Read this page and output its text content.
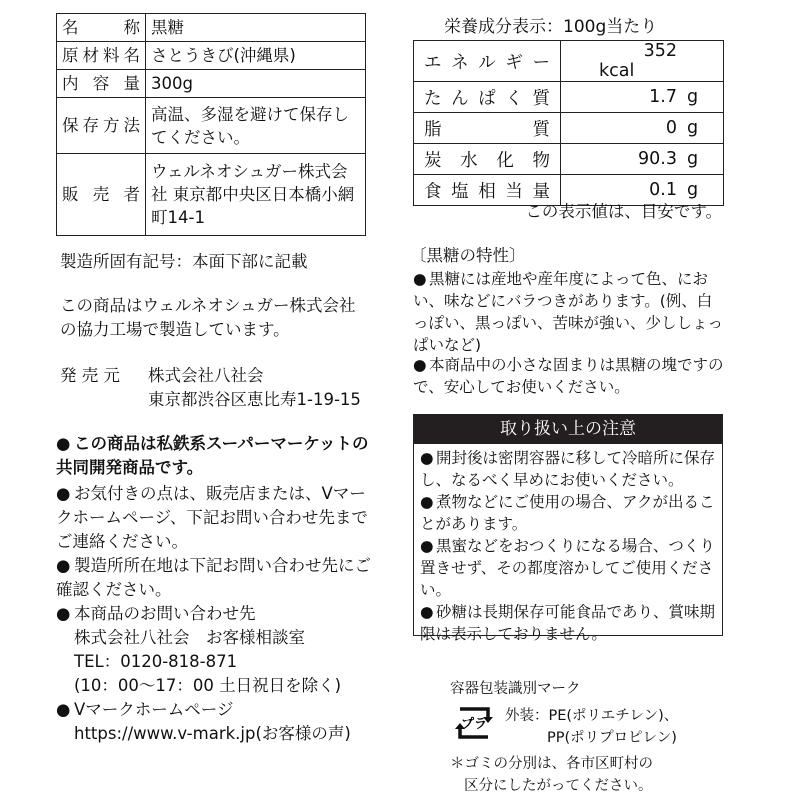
名　称	黒糖
原材料名	さとうきび(沖縄県)
内容量	300g
保存方法	高温、多湿を避けて保存してください。
販売者	ウェルネオシュガー株式会社 東京都中央区日本橋小網町14-1
製造所固有記号：本面下部に記載
この商品はウェルネオシュガー株式会社の協力工場で製造しています。
発 売 元 株式会社八社会
東京都渋谷区恵比寿1-19-15
● この商品は私鉄系スーパーマーケットの共同開発商品です。
● お気付きの点は、販売店または、Vマークホームページ、下記お問い合わせ先までご連絡ください。
● 製造所所在地は下記お問い合わせ先にご確認ください。
● 本商品のお問い合わせ先
株式会社八社会　お客様相談室
TEL：0120-818-871
(10：00～17：00 土日祝日を除く)
● Vマークホームページ
https://www.v-mark.jp(お客様の声)
栄養成分表示：100g当たり
エネルギー	352kcal
たんぱく質	1.7 g
脂　質	0 g
炭水化物	90.3 g
食塩相当量	0.1 g
この表示値は、目安です。
〔黒糖の特性〕
● 黒糖には産地や産年度によって色、におい、味などにバラつきがあります。(例、白っぽい、黒っぽい、苦味が強い、少ししょっぱいなど)
● 本商品中の小さな固まりは黒糖の塊ですので、安心してお使いください。
取り扱い上の注意
● 開封後は密閉容器に移して冷暗所に保存し、なるべく早めにお使いください。
● 煮物などにご使用の場合、アクが出ることがあります。
● 黒蜜などをおつくりになる場合、つくり置きせず、その都度溶かしてご使用ください。
● 砂糖は長期保存可能食品であり、賞味期限は表示しておりません。
容器包装識別マーク
プラ
外装：PE(ポリエチレン)、
PP(ポリプロピレン)
＊ゴミの分別は、各市区町村の
区分にしたがってください。
